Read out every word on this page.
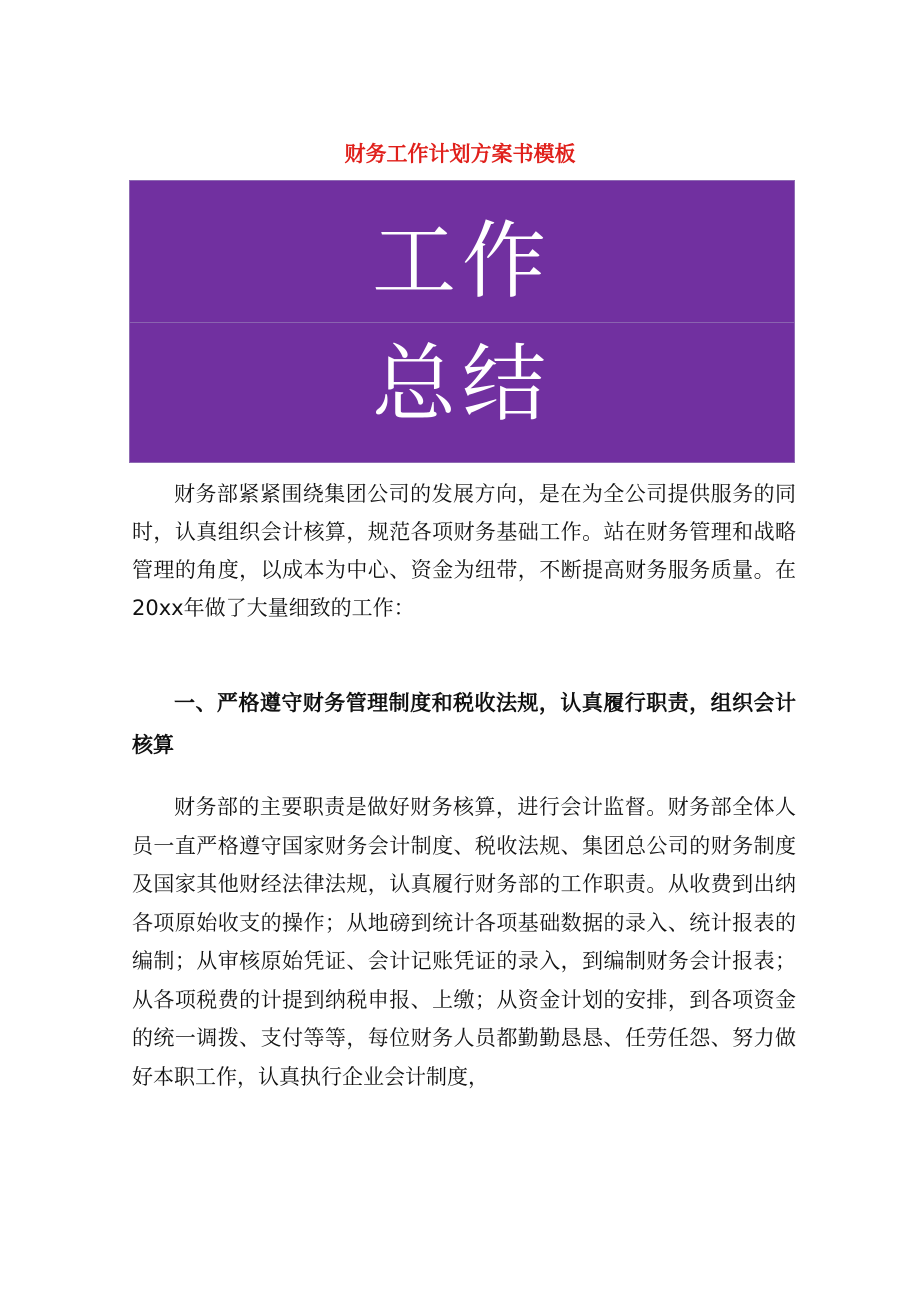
财务工作计划方案书模板
工作
总结

财务部紧紧围绕集团公司的发展方向，是在为全公司提供服务的同时，认真组织会计核算，规范各项财务基础工作。站在财务管理和战略管理的角度，以成本为中心、资金为纽带，不断提高财务服务质量。在20xx年做了大量细致的工作：

一、严格遵守财务管理制度和税收法规，认真履行职责，组织会计核算

财务部的主要职责是做好财务核算，进行会计监督。财务部全体人员一直严格遵守国家财务会计制度、税收法规、集团总公司的财务制度及国家其他财经法律法规，认真履行财务部的工作职责。从收费到出纳各项原始收支的操作；从地磅到统计各项基础数据的录入、统计报表的编制；从审核原始凭证、会计记账凭证的录入，到编制财务会计报表；从各项税费的计提到纳税申报、上缴；从资金计划的安排，到各项资金的统一调拨、支付等等，每位财务人员都勤勤恳恳、任劳任怨、努力做好本职工作，认真执行企业会计制度，
